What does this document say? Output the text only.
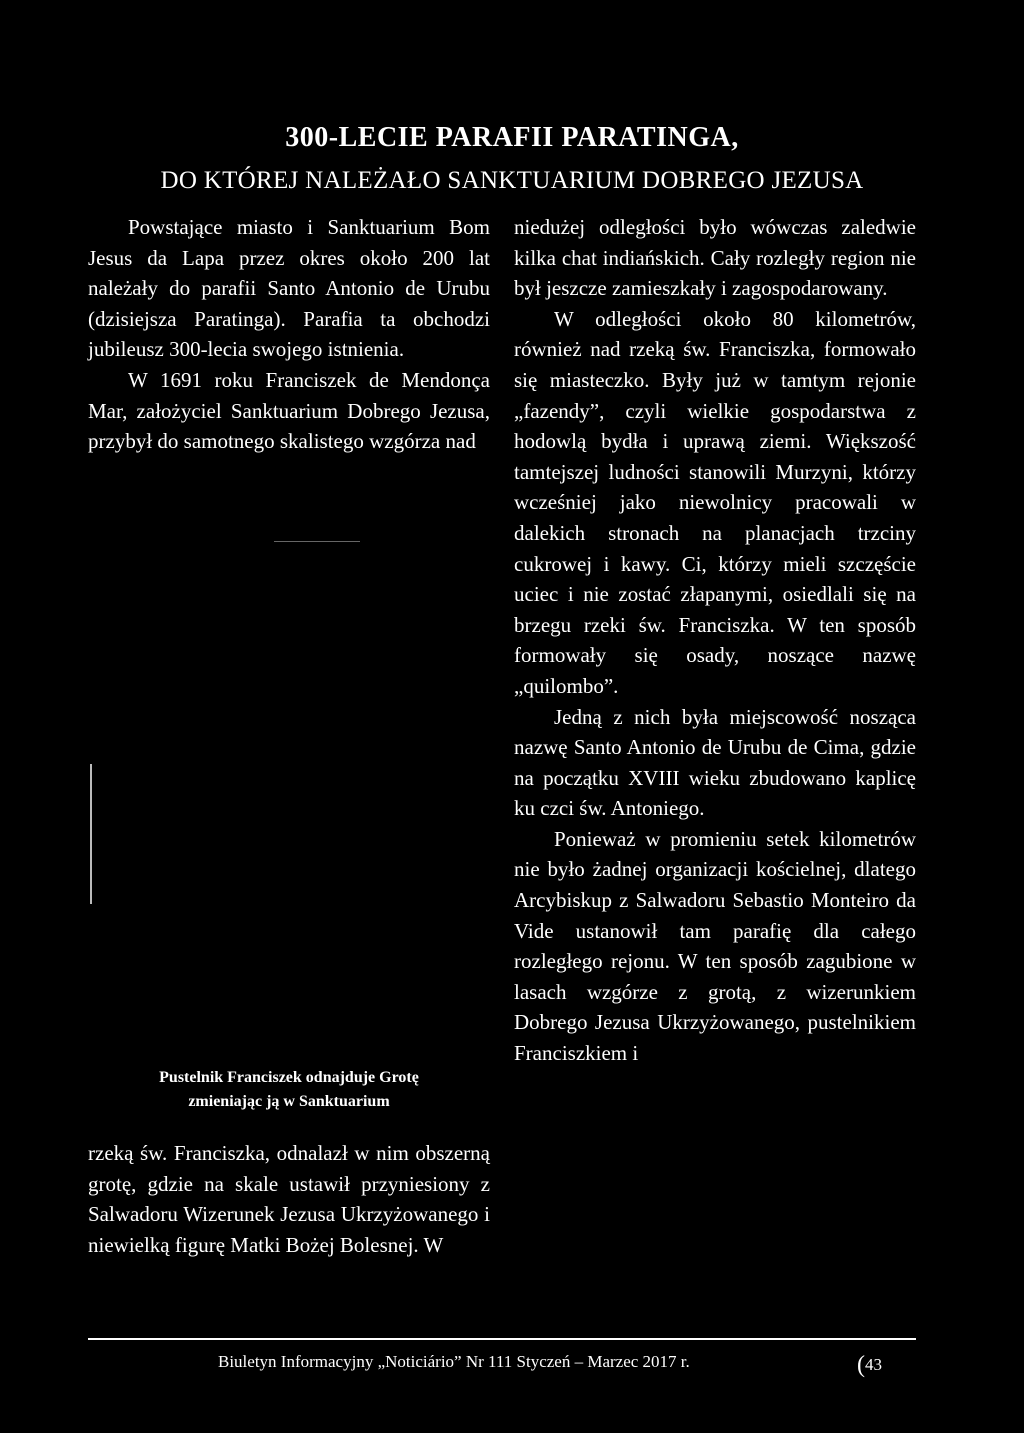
300-LECIE PARAFII PARATINGA,
DO KTÓREJ NALEŻAŁO SANKTUARIUM DOBREGO JEZUSA

Powstające miasto i Sanktuarium Bom Jesus da Lapa przez okres około 200 lat należały do parafii Santo Antonio de Urubu (dzisiejsza Paratinga). Parafia ta obchodzi jubileusz 300-lecia swojego istnienia.

W 1691 roku Franciszek de Mendonça Mar, założyciel Sanktuarium Dobrego Jezusa, przybył do samotnego skalistego wzgórza nad

Pustelnik Franciszek odnajduje Grotę
zmieniając ją w Sanktuarium

rzeką św. Franciszka, odnalazł w nim obszerną grotę, gdzie na skale ustawił przyniesiony z Salwadoru Wizerunek Jezusa Ukrzyżowanego i niewielką figurę Matki Bożej Bolesnej. W

niedużej odległości było wówczas zaledwie kilka chat indiańskich. Cały rozległy region nie był jeszcze zamieszkały i zagospodarowany.

W odległości około 80 kilometrów, również nad rzeką św. Franciszka, formowało się miasteczko. Były już w tamtym rejonie „fazendy”, czyli wielkie gospodarstwa z hodowlą bydła i uprawą ziemi. Większość tamtejszej ludności stanowili Murzyni, którzy wcześniej jako niewolnicy pracowali w dalekich stronach na planacjach trzciny cukrowej i kawy. Ci, którzy mieli szczęście uciec i nie zostać złapanymi, osiedlali się na brzegu rzeki św. Franciszka. W ten sposób formowały się osady, noszące nazwę „quilombo”.

Jedną z nich była miejscowość nosząca nazwę Santo Antonio de Urubu de Cima, gdzie na początku XVIII wieku zbudowano kaplicę ku czci św. Antoniego.

Ponieważ w promieniu setek kilometrów nie było żadnej organizacji kościelnej, dlatego Arcybiskup z Salwadoru Sebastio Monteiro da Vide ustanowił tam parafię dla całego rozległego rejonu. W ten sposób zagubione w lasach wzgórze z grotą, z wizerunkiem Dobrego Jezusa Ukrzyżowanego, pustelnikiem Franciszkiem i

Biuletyn Informacyjny „Noticiário” Nr 111 Styczeń – Marzec 2017 r.	(43
